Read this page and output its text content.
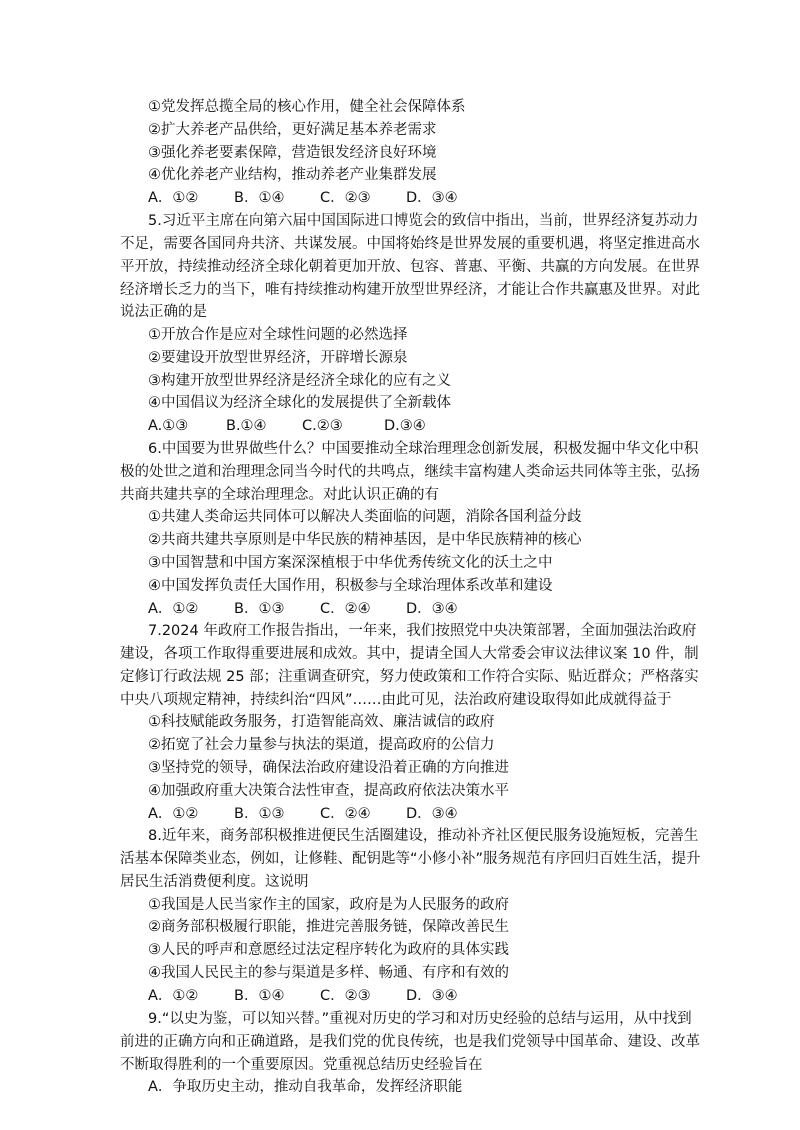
①党发挥总揽全局的核心作用，健全社会保障体系
②扩大养老产品供给，更好满足基本养老需求
③强化养老要素保障，营造银发经济良好环境
④优化养老产业结构，推动养老产业集群发展
A．①② B．①④ C．②③ D．③④
5.习近平主席在向第六届中国国际进口博览会的致信中指出，当前，世界经济复苏动力
不足，需要各国同舟共济、共谋发展。中国将始终是世界发展的重要机遇，将坚定推进高水
平开放，持续推动经济全球化朝着更加开放、包容、普惠、平衡、共赢的方向发展。在世界
经济增长乏力的当下，唯有持续推动构建开放型世界经济，才能让合作共赢惠及世界。对此
说法正确的是
①开放合作是应对全球性问题的必然选择
②要建设开放型世界经济，开辟增长源泉
③构建开放型世界经济是经济全球化的应有之义
④中国倡议为经济全球化的发展提供了全新载体
A.①③	B.①④ C.②③	D.③④
6.中国要为世界做些什么？中国要推动全球治理理念创新发展，积极发掘中华文化中积
极的处世之道和治理理念同当今时代的共鸣点，继续丰富构建人类命运共同体等主张，弘扬
共商共建共享的全球治理理念。对此认识正确的有
①共建人类命运共同体可以解决人类面临的问题，消除各国利益分歧
②共商共建共享原则是中华民族的精神基因，是中华民族精神的核心
③中国智慧和中国方案深深植根于中华优秀传统文化的沃土之中
④中国发挥负责任大国作用，积极参与全球治理体系改革和建设
A．①② B．①③ C．②④ D．③④
7.2024 年政府工作报告指出，一年来，我们按照党中央决策部署，全面加强法治政府
建设，各项工作取得重要进展和成效。其中，提请全国人大常委会审议法律议案 10 件，制
定修订行政法规 25 部；注重调查研究，努力使政策和工作符合实际、贴近群众；严格落实
中央八项规定精神，持续纠治“四风”……由此可见，法治政府建设取得如此成就得益于
①科技赋能政务服务，打造智能高效、廉洁诚信的政府
②拓宽了社会力量参与执法的渠道，提高政府的公信力
③坚持党的领导，确保法治政府建设沿着正确的方向推进
④加强政府重大决策合法性审查，提高政府依法决策水平
A．①② B．①③ C．②④ D．③④
8.近年来，商务部积极推进便民生活圈建设，推动补齐社区便民服务设施短板，完善生
活基本保障类业态，例如，让修鞋、配钥匙等“小修小补”服务规范有序回归百姓生活，提升
居民生活消费便利度。这说明
①我国是人民当家作主的国家，政府是为人民服务的政府
②商务部积极履行职能，推进完善服务链，保障改善民生
③人民的呼声和意愿经过法定程序转化为政府的具体实践
④我国人民民主的参与渠道是多样、畅通、有序和有效的
A．①② B．①④ C．②③ D．③④
9.“以史为鉴，可以知兴替。”重视对历史的学习和对历史经验的总结与运用，从中找到
前进的正确方向和正确道路，是我们党的优良传统，也是我们党领导中国革命、建设、改革
不断取得胜利的一个重要原因。党重视总结历史经验旨在
A．争取历史主动，推动自我革命，发挥经济职能
